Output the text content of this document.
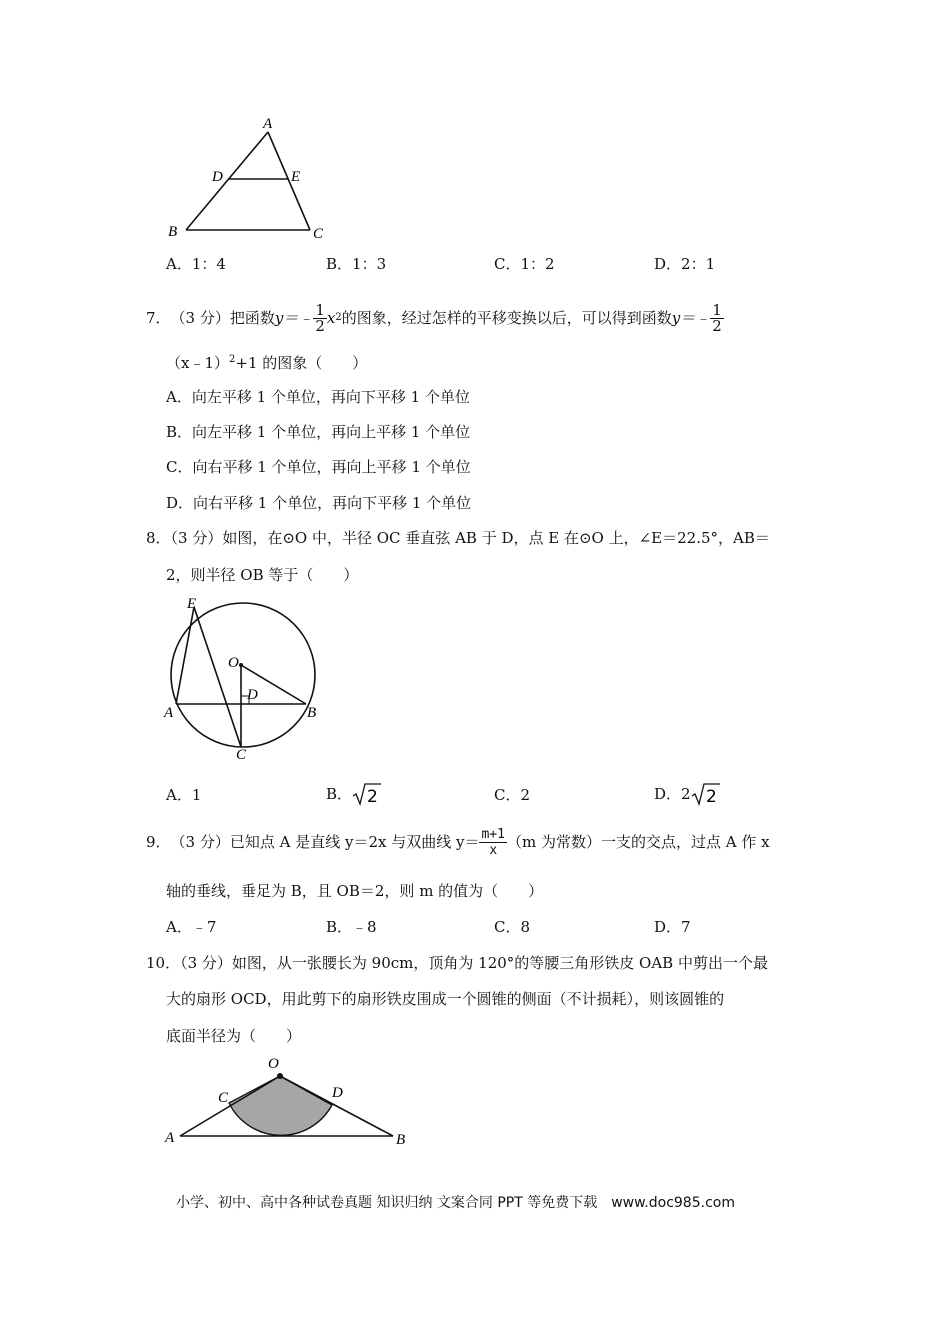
A
D	E
B	C
A．1：4	B．1：3	C．1：2	D．2：1
7． （3 分） 把函数 y＝﹣ $\frac{1}{2}$ x 2 的图象，经过怎样的平移变换以后，可以得到函数 y＝﹣ $\frac{1}{2}$
（x﹣1）$^2$+1 的图象（　　）
A．向左平移 1 个单位，再向下平移 1 个单位
B．向左平移 1 个单位，再向上平移 1 个单位
C．向右平移 1 个单位，再向上平移 1 个单位
D．向右平移 1 个单位，再向下平移 1 个单位
8．（3 分）如图，在⊙O 中，半径 OC 垂直弦 AB 于 D，点 E 在⊙O 上，∠E＝22.5°，AB＝
2，则半径 OB 等于（　　）
E
O
D
A	B
C
A．1	B． 2	C．2	D．2 2
9． （3 分）已知点 A 是直线 y＝2x 与双曲线 $y= \frac{m+1}{x} (m$ 为常数）一支的交点，过点 A 作 x
轴的垂线，垂足为 B，且 OB＝2，则 m 的值为（　　）
A．﹣7	B．﹣8	C．8	D．7
10．（3 分）如图，从一张腰长为 90cm，顶角为 120°的等腰三角形铁皮 OAB 中剪出一个最
大的扇形 OCD，用此剪下的扇形铁皮围成一个圆锥的侧面（不计损耗），则该圆锥的
底面半径为（　　）
O
C	D
A	B
小学、初中、高中各种试卷真题 知识归纳 文案合同 PPT 等免费下载　www.doc985.com
